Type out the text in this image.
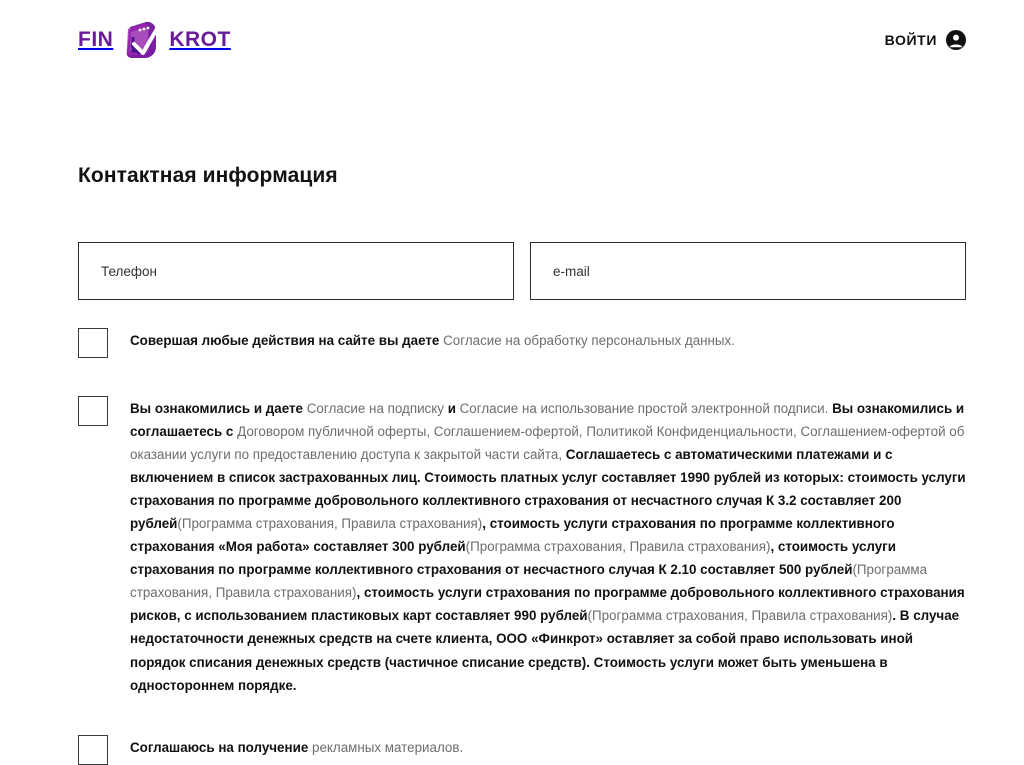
FIN	KROT	ВОЙТИ
Контактная информация
Телефон
e-mail
Совершая любые действия на сайте вы даете Согласие на обработку персональных данных.
Вы ознакомились и даете Согласие на подписку и Согласие на использование простой электронной подписи. Вы ознакомились и соглашаетесь с Договором публичной оферты, Соглашением-офертой, Политикой Конфиденциальности, Соглашением-офертой об оказании услуги по предоставлению доступа к закрытой части сайта, Соглашаетесь с автоматическими платежами и с включением в список застрахованных лиц. Стоимость платных услуг составляет 1990 рублей из которых: стоимость услуги страхования по программе добровольного коллективного страхования от несчастного случая К 3.2 составляет 200 рублей(Программа страхования, Правила страхования), стоимость услуги страхования по программе коллективного страхования «Моя работа» составляет 300 рублей(Программа страхования, Правила страхования), стоимость услуги страхования по программе коллективного страхования от несчастного случая К 2.10 составляет 500 рублей(Программа страхования, Правила страхования), стоимость услуги страхования по программе добровольного коллективного страхования рисков, с использованием пластиковых карт составляет 990 рублей(Программа страхования, Правила страхования). В случае недостаточности денежных средств на счете клиента, ООО «Финкрот» оставляет за собой право использовать иной порядок списания денежных средств (частичное списание средств). Стоимость услуги может быть уменьшена в одностороннем порядке.
Соглашаюсь на получение рекламных материалов.
